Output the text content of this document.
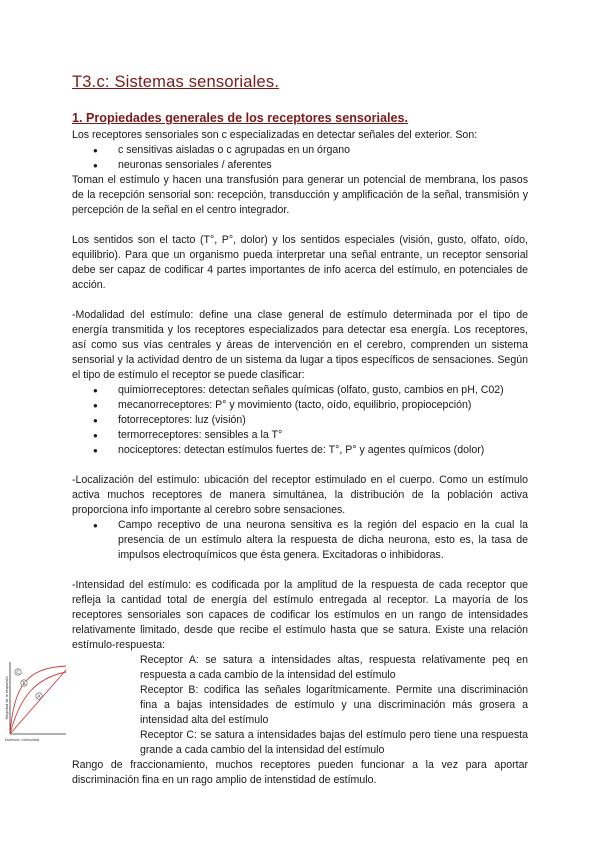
T3.c: Sistemas sensoriales.
1. Propiedades generales de los receptores sensoriales.

Los receptores sensoriales son c especializadas en detectar señales del exterior. Son:

● c sensitivas aisladas o c agrupadas en un órgano
● neuronas sensoriales / aferentes

Toman el estímulo y hacen una transfusión para generar un potencial de membrana, los pasos de la recepción sensorial son: recepción, transducción y amplificación de la señal, transmisión y percepción de la señal en el centro integrador.

Los sentidos son el tacto (T°, P°, dolor) y los sentidos especiales (visión, gusto, olfato, oído, equilibrio). Para que un organismo pueda interpretar una señal entrante, un receptor sensorial debe ser capaz de codificar 4 partes importantes de info acerca del estímulo, en potenciales de acción.

-Modalidad del estímulo: define una clase general de estímulo determinada por el tipo de energía transmitida y los receptores especializados para detectar esa energía. Los receptores, así como sus vías centrales y áreas de intervención en el cerebro, comprenden un sistema sensorial y la actividad dentro de un sistema da lugar a tipos específicos de sensaciones. Según el tipo de estímulo el receptor se puede clasificar:

● quimiorreceptores: detectan señales químicas (olfato, gusto, cambios en pH, C02)
● mecanorreceptores: P° y movimiento (tacto, oído, equilibrio, propiocepción)
● fotorreceptores: luz (visión)
● termorreceptores: sensibles a la T°
● nociceptores: detectan estímulos fuertes de: T°, P° y agentes químicos (dolor)

-Localización del estímulo: ubicación del receptor estimulado en el cuerpo. Como un estímulo activa muchos receptores de manera simultánea, la distribución de la población activa proporciona info importante al cerebro sobre sensaciones.

● Campo receptivo de una neurona sensitiva es la región del espacio en la cual la presencia de un estímulo altera la respuesta de dicha neurona, esto es, la tasa de impulsos electroquímicos que ésta genera. Excitadoras o inhibidoras.

-Intensidad del estímulo: es codificada por la amplitud de la respuesta de cada receptor que refleja la cantidad total de energía del estímulo entregada al receptor. La mayoría de los receptores sensoriales son capaces de codificar los estímulos en un rango de intensidades relativamente limitado, desde que recibe el estímulo hasta que se satura. Existe una relación estímulo-respuesta:

C
B
A
Magnitud de la respuesta
Estímulo: intensidad

Receptor A: se satura a intensidades altas, respuesta relativamente peq en respuesta a cada cambio de la intensidad del estímulo

Receptor B: codifica las señales logarítmicamente. Permite una discriminación fina a bajas intensidades de estímulo y una discriminación más grosera a intensidad alta del estímulo

Receptor C: se satura a intensidades bajas del estímulo pero tiene una respuesta grande a cada cambio del la intensidad del estímulo

Rango de fraccionamiento, muchos receptores pueden funcionar a la vez para aportar discriminación fina en un rago amplio de intenstidad de estímulo.
